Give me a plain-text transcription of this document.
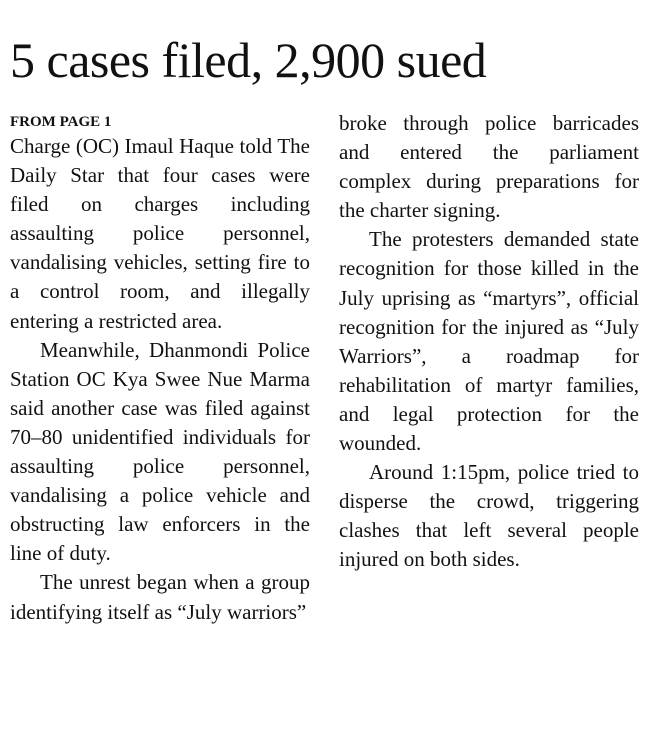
5 cases filed, 2,900 sued
FROM PAGE 1

Charge (OC) Imaul Haque told The Daily Star that four cases were filed on charges including assaulting police personnel, vandalising vehicles, setting fire to a control room, and illegally entering a restricted area.

Meanwhile, Dhanmondi Police Station OC Kya Swee Nue Marma said another case was filed against 70–80 unidentified individuals for assaulting police personnel, vandalising a police vehicle and obstructing law enforcers in the line of duty.

The unrest began when a group identifying itself as “July warriors”

broke through police barricades and entered the parliament complex during preparations for the charter signing.

The protesters demanded state recognition for those killed in the July uprising as “martyrs”, official recognition for the injured as “July Warriors”, a roadmap for rehabilitation of martyr families, and legal protection for the wounded.

Around 1:15pm, police tried to disperse the crowd, triggering clashes that left several people injured on both sides.
